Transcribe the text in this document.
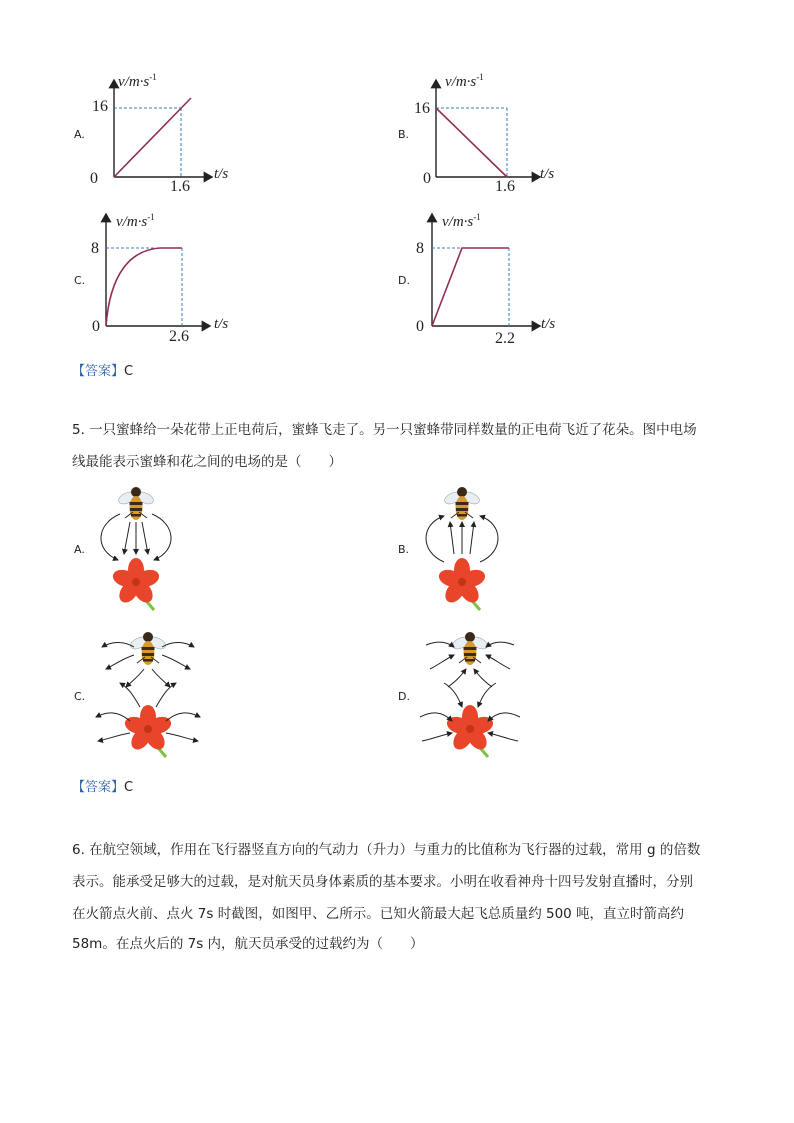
A.
0
16
1.6
$v/m\cdot s^{-1}$
t/s
B.
0
16
1.6
$v/m\cdot s^{-1}$
t/s
C.
0
8
2.6
$v/m\cdot s^{-1}$
t/s
D.
0
8
2.2
$v/m\cdot s^{-1}$
t/s
【答案】C
5. 一只蜜蜂给一朵花带上正电荷后，蜜蜂飞走了。另一只蜜蜂带同样数量的正电荷飞近了花朵。图中电场
线最能表示蜜蜂和花之间的电场的是（　　）
A.	B.
C.	D.
【答案】C
6. 在航空领域，作用在飞行器竖直方向的气动力（升力）与重力的比值称为飞行器的过载，常用 g 的倍数
表示。能承受足够大的过载，是对航天员身体素质的基本要求。小明在收看神舟十四号发射直播时，分别
在火箭点火前、点火 7s 时截图，如图甲、乙所示。已知火箭最大起飞总质量约 500 吨，直立时箭高约
58m。在点火后的 7s 内，航天员承受的过载约为（　　）
